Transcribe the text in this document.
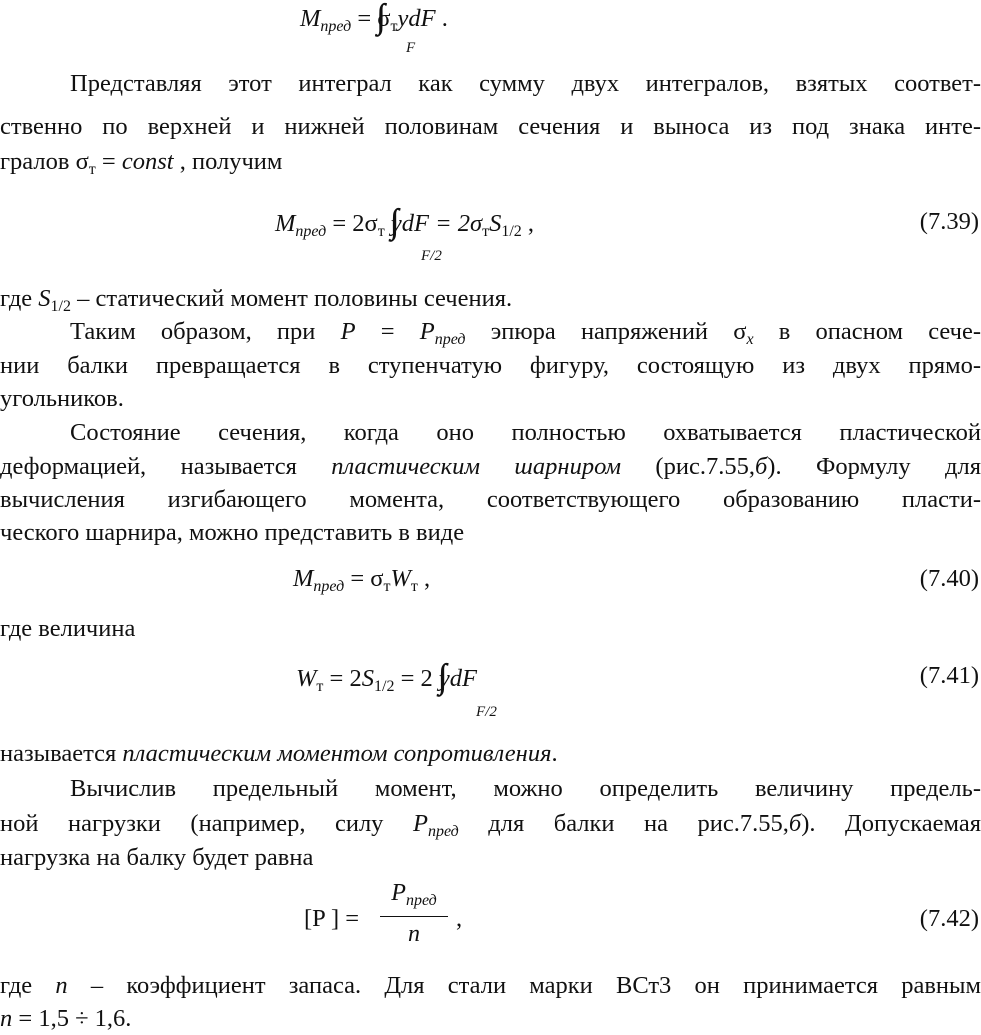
$M_{пред} = \sigma_тydF$ .
F
Представляя этот интеграл как сумму двух интегралов, взятых соответ-
ственно по верхней и нижней половинам сечения и выноса из под знака инте-
гралов $\sigma_т$ = const , получим
$M_{пред} = 2\sigma_т$ ydF = $2\sigma_тS_{1/2}$ ,
F/2
(7.39)
где $S_{1/2}$ – статический момент половины сечения.
Таким образом, при $P = P_{пред}$ эпюра напряжений $\sigma_x$ в опасном сече-
нии балки превращается в ступенчатую фигуру, состоящую из двух прямо-
угольников.
Состояние сечения, когда оно полностью охватывается пластической
деформацией, называется пластическим шарниром (рис.7.55,б). Формулу для
вычисления изгибающего момента, соответствующего образованию пласти-
ческого шарнира, можно представить в виде
$M_{пред} = \sigma_тW_т$ ,	(7.40)
где величина
$W_т = 2S_{1/2} = 2$ ydF
F/2
(7.41)
называется пластическим моментом сопротивления.
Вычислив предельный момент, можно определить величину предель-
ной нагрузки (например, силу $P_{пред}$ для балки на рис.7.55,б). Допускаемая
нагрузка на балку будет равна
[P ] =
$P_{пред}$
n
,	(7.42)
где n – коэффициент запаса. Для стали марки ВСт3 он принимается равным
n = 1,5 ÷ 1,6.
